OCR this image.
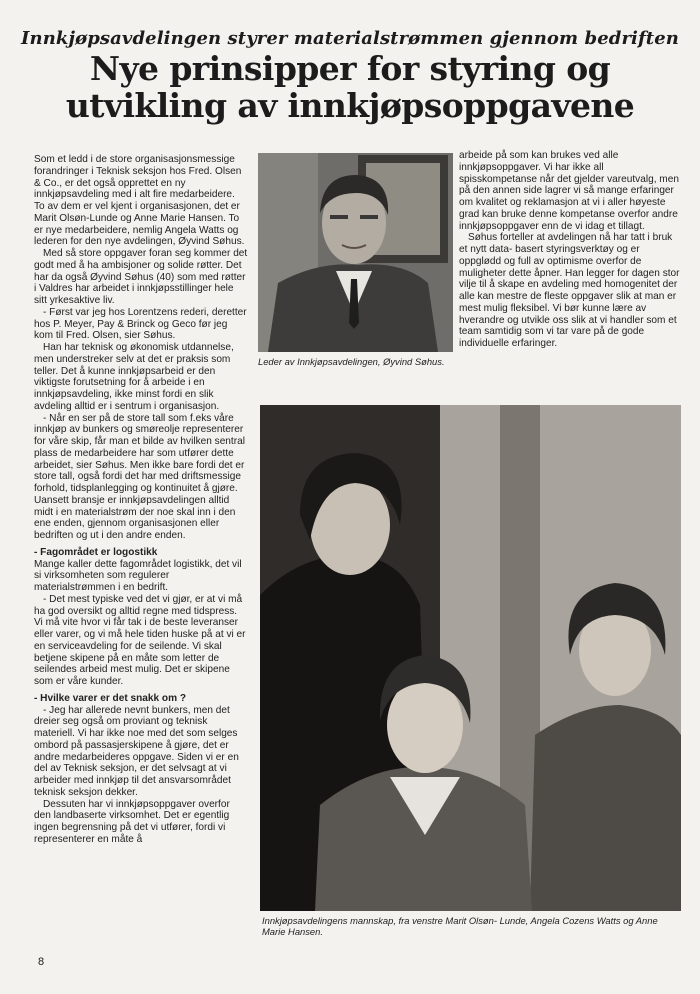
Innkjøpsavdelingen styrer materialstrømmen gjennom bedriften
Nye prinsipper for styring og
utvikling av innkjøpsoppgavene

Som et ledd i de store organisasjonsmessige forandringer i Teknisk seksjon hos Fred. Olsen & Co., er det også opprettet en ny innkjøpsavdeling med i alt fire medarbeidere. To av dem er vel kjent i organisasjonen, det er Marit Olsøn-Lunde og Anne Marie Hansen. To er nye medarbeidere, nemlig Angela Watts og lederen for den nye avdelingen, Øyvind Søhus.

Med så store oppgaver foran seg kommer det godt med å ha ambisjoner og solide røtter. Det har da også Øyvind Søhus (40) som med røtter i Valdres har arbeidet i innkjøpsstillinger hele sitt yrkesaktive liv.

- Først var jeg hos Lorentzens rederi, deretter hos P. Meyer, Pay & Brinck og Geco før jeg kom til Fred. Olsen, sier Søhus.

Han har teknisk og økonomisk utdannelse, men understreker selv at det er praksis som teller. Det å kunne innkjøpsarbeid er den viktigste forutsetning for å arbeide i en innkjøpsavdeling, ikke minst fordi en slik avdeling alltid er i sentrum i organisasjon.

- Når en ser på de store tall som f.eks våre innkjøp av bunkers og smøreolje representerer for våre skip, får man et bilde av hvilken sentral plass de medarbeidere har som utfører dette arbeidet, sier Søhus. Men ikke bare fordi det er store tall, også fordi det har med driftsmessige forhold, tidsplanlegging og kontinuitet å gjøre. Uansett bransje er innkjøpsavdelingen alltid midt i en materialstrøm der noe skal inn i den ene enden, gjennom organisasjonen eller bedriften og ut i den andre enden.

- Fagområdet er logostikk

Mange kaller dette fagområdet logistikk, det vil si virksomheten som regulerer materialstrømmen i en bedrift.

- Det mest typiske ved det vi gjør, er at vi må ha god oversikt og alltid regne med tidspress. Vi må vite hvor vi får tak i de beste leveranser eller varer, og vi må hele tiden huske på at vi er en serviceavdeling for de seilende. Vi skal betjene skipene på en måte som letter de seilendes arbeid mest mulig. Det er skipene som er våre kunder.

- Hvilke varer er det snakk om ?

- Jeg har allerede nevnt bunkers, men det dreier seg også om proviant og teknisk materiell. Vi har ikke noe med det som selges ombord på passasjerskipene å gjøre, det er andre medarbeideres oppgave. Siden vi er en del av Teknisk seksjon, er det selvsagt at vi arbeider med innkjøp til det ansvarsområdet teknisk seksjon dekker.

Dessuten har vi innkjøpsoppgaver overfor den landbaserte virksomhet. Det er egentlig ingen begrensning på det vi utfører, fordi vi representerer en måte å

Leder av Innkjøpsavdelingen, Øyvind Søhus.

arbeide på som kan brukes ved alle innkjøpsoppgaver. Vi har ikke all spisskompetanse når det gjelder vareutvalg, men på den annen side lagrer vi så mange erfaringer om kvalitet og reklamasjon at vi i aller høyeste grad kan bruke denne kompetanse overfor andre innkjøpsoppgaver enn de vi idag et tillagt.

Søhus forteller at avdelingen nå har tatt i bruk et nytt data- basert styringsverktøy og er oppglødd og full av optimisme overfor de muligheter dette åpner. Han legger for dagen stor vilje til å skape en avdeling med homogenitet der alle kan mestre de fleste oppgaver slik at man er mest mulig fleksibel. Vi bør kunne lære av hverandre og utvikle oss slik at vi handler som et team samtidig som vi tar vare på de gode individuelle erfaringer.

Innkjøpsavdelingens mannskap, fra venstre Marit Olsøn- Lunde, Angela Cozens Watts og Anne Marie Hansen.
8
